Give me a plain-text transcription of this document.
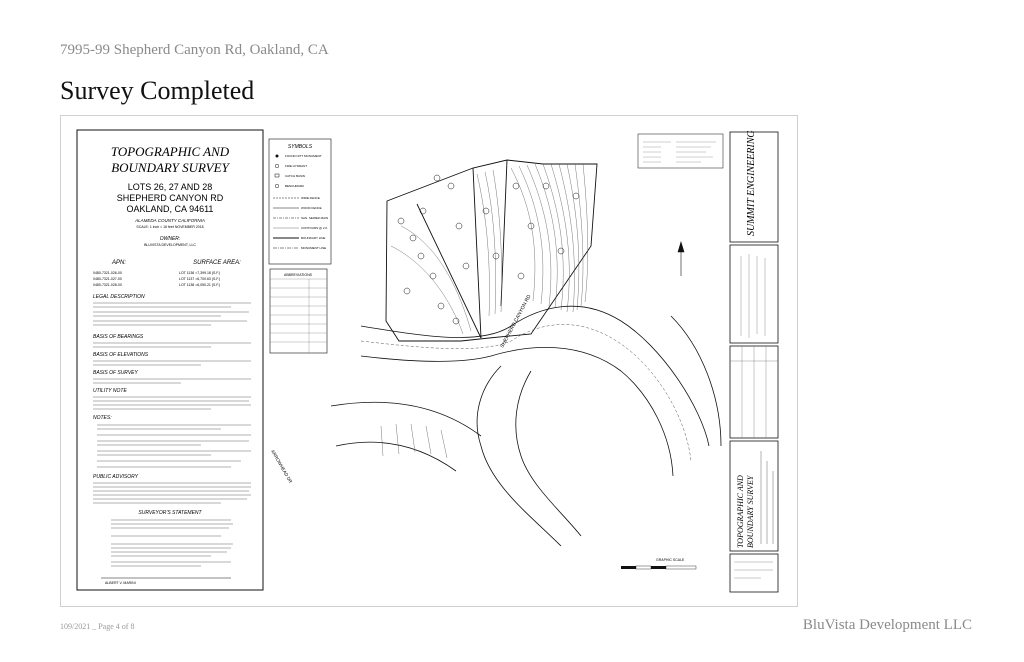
7995-99 Shepherd Canyon Rd, Oakland, CA
Survey Completed
TOPOGRAPHIC AND
BOUNDARY SURVEY
LOTS 26, 27 AND 28
SHEPHERD CANYON RD
OAKLAND, CA 94611
ALAMEDA COUNTY CALIFORNIA
SCALE: 1 inch = 16 feet NOVEMBER 2018
OWNER:
BLUVISTA DEVELOPMENT, LLC
APN:	SURFACE AREA:
0480-7321-026-00
0480-7321-027-00
0480-7321-028-00
LOT 1136 =7,399.18 (S.F.)
LOT 1137 =6,700.63 (S.F.)
LOT 1138 =6,050.21 (S.F.)
LEGAL DESCRIPTION
BASIS OF BEARINGS
BASIS OF ELEVATIONS
BASIS OF SURVEY
UTILITY NOTE
NOTES:
PUBLIC ADVISORY
SURVEYOR'S STATEMENT
ALBERT V. MARINI
SYMBOLS
FOUND NITT MONUMENT
FIRE HYDRANT
CATCH BASIN
BENCHMARK
WIRE FENCE
WOOD FENCE
SAN. SEWER MAIN
CONTOURS @ 2 ft.
BOUNDARY LINE
MONUMENT LINE
ABBREVIATIONS
SHEPHERD CANYON RD
ARROWHEAD DR
GRAPHIC SCALE
SUMMIT ENGINEERING
TOPOGRAPHIC AND BOUNDARY SURVEY
109/2021 _ Page 4 of 8	BluVista Development LLC
